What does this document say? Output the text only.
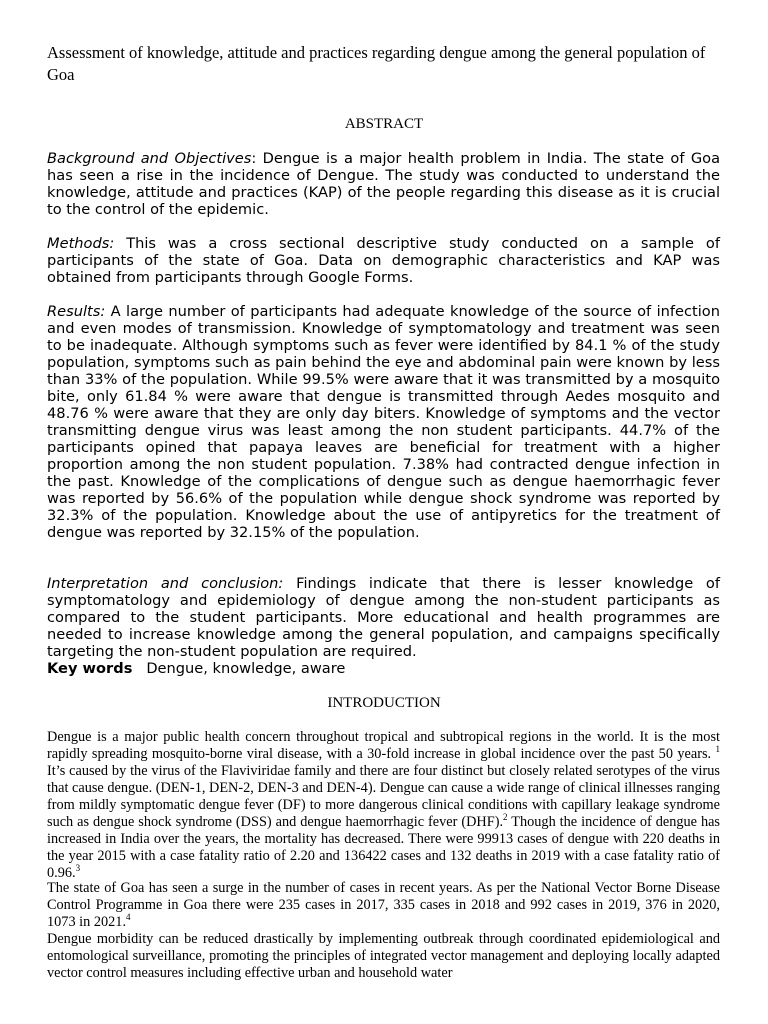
Assessment of knowledge, attitude and practices regarding dengue among the general population of Goa
ABSTRACT
Background and Objectives: Dengue is a major health problem in India. The state of Goa has seen a rise in the incidence of Dengue. The study was conducted to understand the knowledge, attitude and practices (KAP) of the people regarding this disease as it is crucial to the control of the epidemic.
Methods: This was a cross sectional descriptive study conducted on a sample of participants of the state of Goa. Data on demographic characteristics and KAP was obtained from participants through Google Forms.
Results: A large number of participants had adequate knowledge of the source of infection and even modes of transmission. Knowledge of symptomatology and treatment was seen to be inadequate. Although symptoms such as fever were identified by 84.1 % of the study population, symptoms such as pain behind the eye and abdominal pain were known by less than 33% of the population. While 99.5% were aware that it was transmitted by a mosquito bite, only 61.84 % were aware that dengue is transmitted through Aedes mosquito and 48.76 % were aware that they are only day biters. Knowledge of symptoms and the vector transmitting dengue virus was least among the non student participants. 44.7% of the participants opined that papaya leaves are beneficial for treatment with a higher proportion among the non student population. 7.38% had contracted dengue infection in the past. Knowledge of the complications of dengue such as dengue haemorrhagic fever was reported by 56.6% of the population while dengue shock syndrome was reported by 32.3% of the population. Knowledge about the use of antipyretics for the treatment of dengue was reported by 32.15% of the population.
Interpretation and conclusion: Findings indicate that there is lesser knowledge of symptomatology and epidemiology of dengue among the non-student participants as compared to the student participants. More educational and health programmes are needed to increase knowledge among the general population, and campaigns specifically targeting the non-student population are required.
Key words Dengue, knowledge, aware
INTRODUCTION
Dengue is a major public health concern throughout tropical and subtropical regions in the world. It is the most rapidly spreading mosquito-borne viral disease, with a 30-fold increase in global incidence over the past 50 years. $^1$ It’s caused by the virus of the Flaviviridae family and there are four distinct but closely related serotypes of the virus that cause dengue. (DEN-1, DEN-2, DEN-3 and DEN-4). Dengue can cause a wide range of clinical illnesses ranging from mildly symptomatic dengue fever (DF) to more dangerous clinical conditions with capillary leakage syndrome such as dengue shock syndrome (DSS) and dengue haemorrhagic fever (DHF).$^2$ Though the incidence of dengue has increased in India over the years, the mortality has decreased. There were 99913 cases of dengue with 220 deaths in the year 2015 with a case fatality ratio of 2.20 and 136422 cases and 132 deaths in 2019 with a case fatality ratio of 0.96.$^3$
The state of Goa has seen a surge in the number of cases in recent years. As per the National Vector Borne Disease Control Programme in Goa there were 235 cases in 2017, 335 cases in 2018 and 992 cases in 2019, 376 in 2020, 1073 in 2021.$^4$
Dengue morbidity can be reduced drastically by implementing outbreak through coordinated epidemiological and entomological surveillance, promoting the principles of integrated vector management and deploying locally adapted vector control measures including effective urban and household water
